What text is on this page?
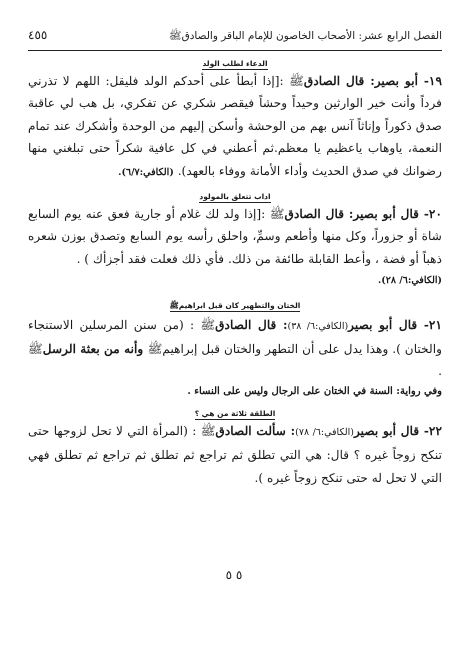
الفصل الرابع عشر: الأصحاب الخاصون للإمام الباقر والصادقﷺ
٤٥٥
الدعاء لطلب الولد

١٩- أبو بصير: قال الصادقﷺ :[إذا أبطأ على أحدكم الولد فليقل: اللهم لا تذرني فرداً وأنت خير الوارثين وحيداً وحشاً فيقصر شكري عن تفكري، بل هب لي عاقبة صدق ذكوراً وإناثاً آنس بهم من الوحشة وأسكن إليهم من الوحدة وأشكرك عند تمام النعمة، ياوهاب ياعظيم يا معظم.ثم أعطني في كل عافية شكراً حتى تبلغني منها رضوانك في صدق الحديث وأداء الأمانة ووفاء بالعهد). (الكافي:٦/٧).

اداب تتعلق بالمولود

٢٠- قال أبو بصير: قال الصادقﷺ :[إذا ولد لك غلام أو جارية فعق عنه يوم السابع شاة أو جزوراً، وكل منها وأطعم وسمِّ، واحلق رأسه يوم السابع وتصدق بوزن شعره ذهباً أو فضة ، وأعط القابلة طائفة من ذلك. فأي ذلك فعلت فقد أجزأك ) .

(الكافي:٦/ ٢٨).

الختان والتطهير كان قبل ابراهيمﷺ

٢١- قال أبو بصير(الكافي:٦/ ٣٨): قال الصادقﷺ : (من سنن المرسلين الاستنجاء والختان ). وهذا يدل على أن التطهر والختان قبل إبراهيمﷺ وأنه من بعثة الرسلﷺ .

وفي رواية: السنة في الختان على الرجال وليس على النساء .

الطلقة ثلاثة من هي ؟

٢٢- قال أبو بصير(الكافي:٦/ ٧٨): سألت الصادقﷺ : (المرأة التي لا تحل لزوجها حتى تنكح زوجاً غيره ؟ قال: هي التي تطلق ثم تراجع ثم تطلق ثم تراجع ثم تطلق فهي التي لا تحل له حتى تنكح زوجاً غيره ).

٥ ٥
